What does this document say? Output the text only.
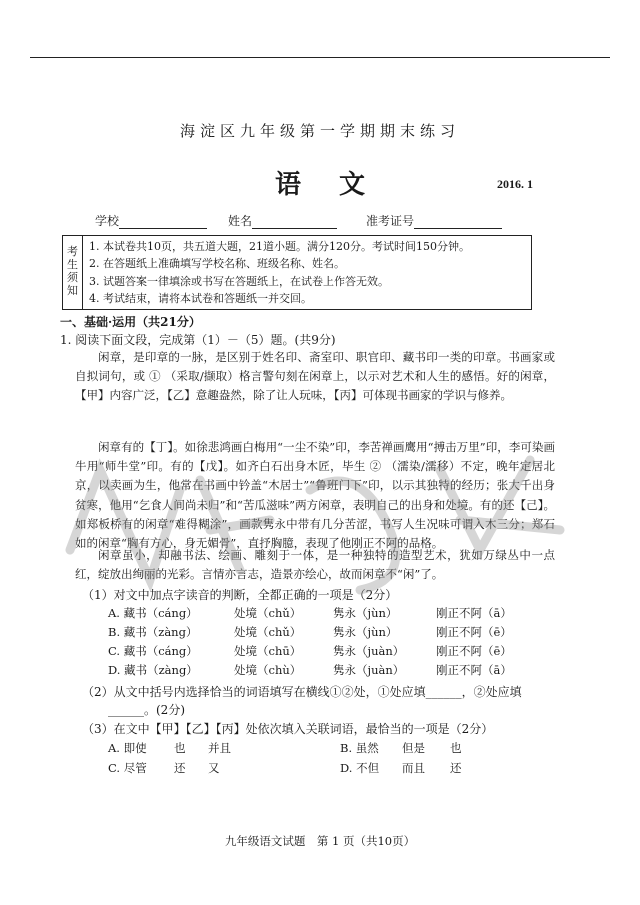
海淀区九年级第一学期期末练习
语文	2016. 1
学校	姓名	准考证号
考生须知
1. 本试卷共10页，共五道大题，21道小题。满分120分。考试时间150分钟。
2. 在答题纸上准确填写学校名称、班级名称、姓名。
3. 试题答案一律填涂或书写在答题纸上，在试卷上作答无效。
4. 考试结束，请将本试卷和答题纸一并交回。
一、基础·运用（共21分）
1. 阅读下面文段，完成第（1）－（5）题。(共9分)

闲章，是印章的一脉，是区别于姓名印、斋室印、职官印、藏书印一类的印章。书画家或自拟词句，或 ① （采取/撷取）格言警句刻在闲章上，以示对艺术和人生的感悟。好的闲章，【甲】内容广泛，【乙】意趣盎然，除了让人玩味，【丙】可体现书画家的学识与修养。

闲章有的【丁】。如徐悲鸿画白梅用“一尘不染”印，李苦禅画鹰用“搏击万里”印，李可染画牛用“师牛堂”印。有的【戊】。如齐白石出身木匠，毕生 ② （濡染/濡移）不定，晚年定居北京，以卖画为生，他常在书画中钤盖“木居士”“鲁班门下”印，以示其独特的经历；张大千出身贫寒，他用“乞食人间尚未归”和“苦瓜滋味”两方闲章，表明自己的出身和处境。有的还【己】。如郑板桥有的闲章“难得糊涂”，画款隽永中带有几分苦涩，书写人生况味可谓入木三分；郑石如的闲章“胸有方心，身无媚骨”，直抒胸臆，表现了他刚正不阿的品格。

闲章虽小，却融书法、绘画、雕刻于一体，是一种独特的造型艺术，犹如万绿丛中一点红，绽放出绚丽的光彩。言情亦言志，造景亦绘心，故而闲章不“闲”了。

（1）对文中加点字读音的判断，全都正确的一项是（2分）
A. 藏书（cáng）	处境（chǔ）	隽永（jùn）	刚正不阿（ā）
B. 藏书（zàng）	处境（chǔ）	隽永（jùn）	刚正不阿（ē）
C. 藏书（cáng）	处境（chū）	隽永（juàn）	刚正不阿（ē）
D. 藏书（zàng）	处境（chù）	隽永（juàn）	刚正不阿（ā）
（2）从文中括号内选择恰当的词语填写在横线①②处，①处应填______，②处应填
______。(2分)
（3）在文中【甲】【乙】【丙】处依次填入关联词语，最恰当的一项是（2分）
A. 即使 也 并且	B. 虽然 但是 也
C. 尽管 还 又	D. 不但 而且 还
九年级语文试题　第 1 页（共10页）
